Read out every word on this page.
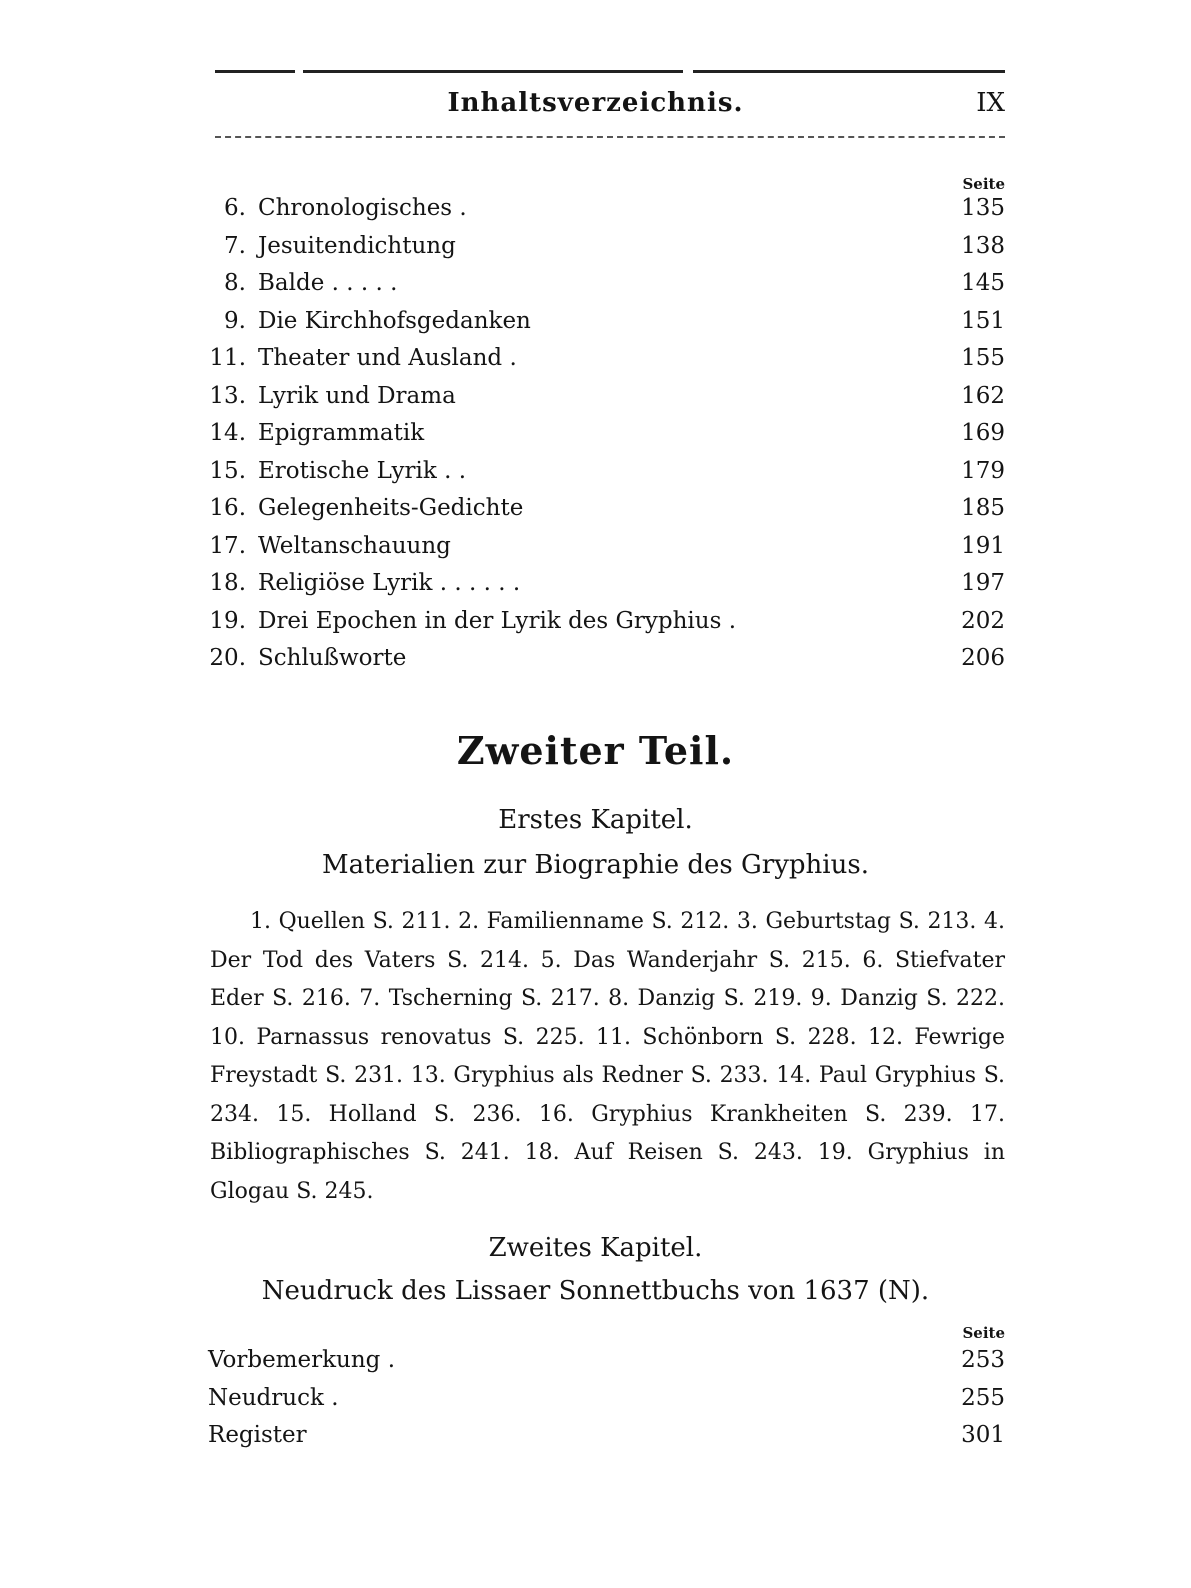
Inhaltsverzeichnis.	IX
Seite
6. Chronologisches .	135
7. Jesuitendichtung	138
8. Balde . . . . .	145
9. Die Kirchhofsgedanken	151
11. Theater und Ausland .	155
13. Lyrik und Drama	162
14. Epigrammatik	169
15. Erotische Lyrik . .	179
16. Gelegenheits-Gedichte	185
17. Weltanschauung	191
18. Religiöse Lyrik . . . . . .	197
19. Drei Epochen in der Lyrik des Gryphius .	202
20. Schlußworte	206
Zweiter Teil.
Erstes Kapitel.
Materialien zur Biographie des Gryphius.

1. Quellen S. 211. 2. Familienname S. 212. 3. Geburtstag S. 213. 4. Der Tod des Vaters S. 214. 5. Das Wanderjahr S. 215. 6. Stiefvater Eder S. 216. 7. Tscherning S. 217. 8. Danzig S. 219. 9. Danzig S. 222. 10. Parnassus renovatus S. 225. 11. Schönborn S. 228. 12. Fewrige Freystadt S. 231. 13. Gryphius als Redner S. 233. 14. Paul Gryphius S. 234. 15. Holland S. 236. 16. Gryphius Krankheiten S. 239. 17. Bibliographisches S. 241. 18. Auf Reisen S. 243. 19. Gryphius in Glogau S. 245.

Zweites Kapitel.
Neudruck des Lissaer Sonnettbuchs von 1637 (N).
Seite
Vorbemerkung .	253
Neudruck .	255
Register	301
